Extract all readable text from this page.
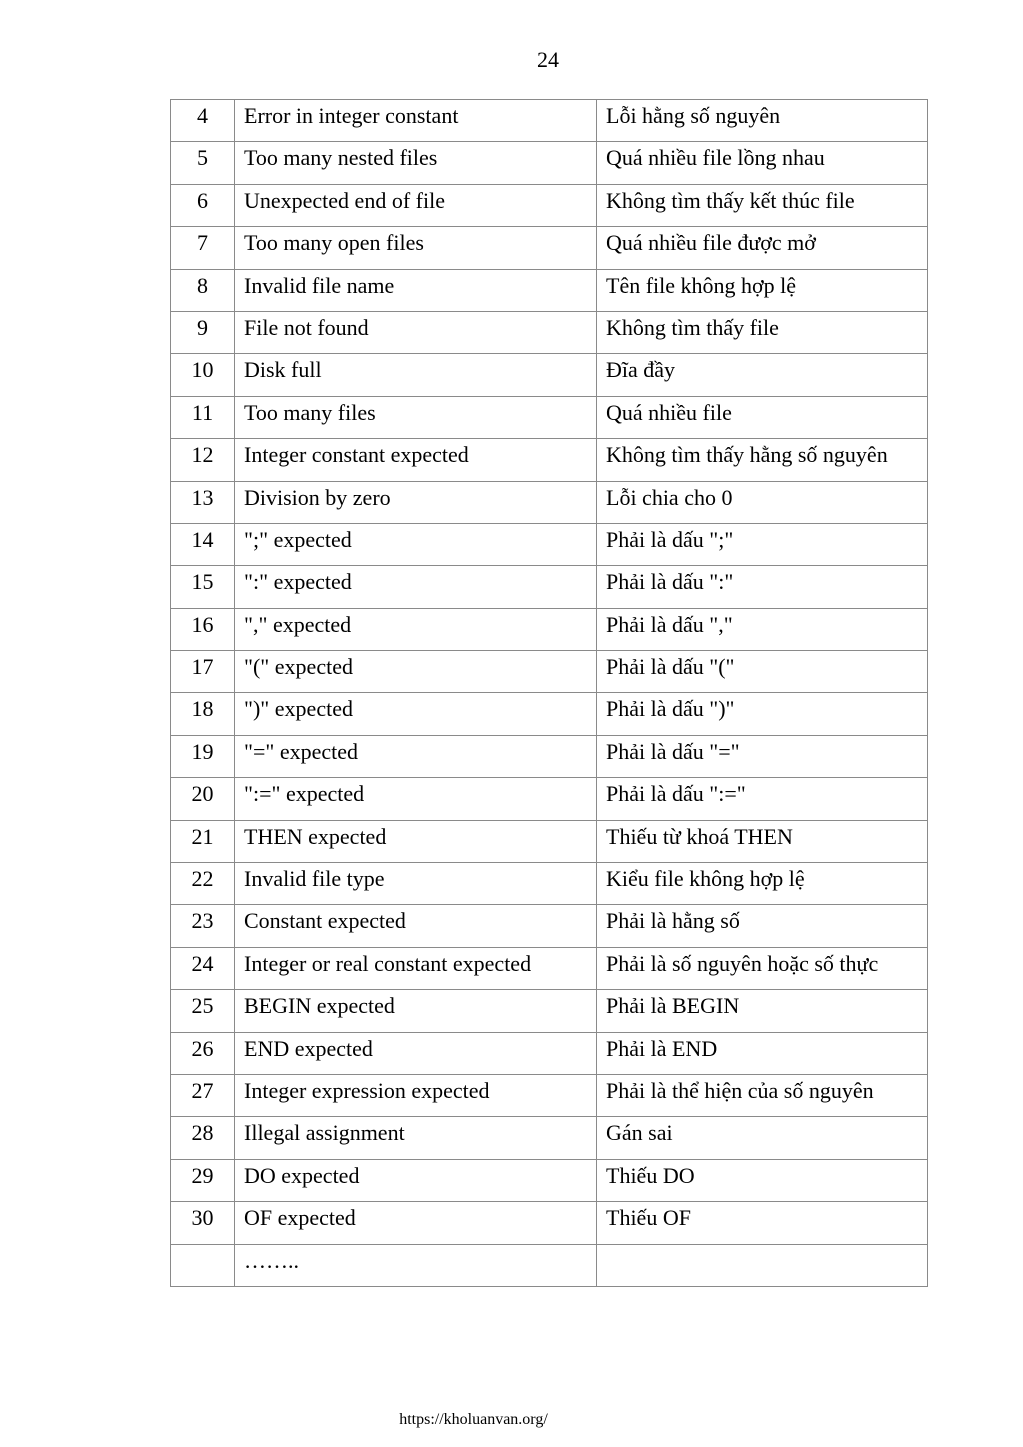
24
4	Error in integer constant	Lỗi hằng số nguyên
5	Too many nested files	Quá nhiều file lồng nhau
6	Unexpected end of file	Không tìm thấy kết thúc file
7	Too many open files	Quá nhiều file được mở
8	Invalid file name	Tên file không hợp lệ
9	File not found	Không tìm thấy file
10	Disk full	Đĩa đầy
11	Too many files	Quá nhiều file
12	Integer constant expected	Không tìm thấy hằng số nguyên
13	Division by zero	Lỗi chia cho 0
14	";" expected	Phải là dấu ";"
15	":" expected	Phải là dấu ":"
16	"," expected	Phải là dấu ","
17	"(" expected	Phải là dấu "("
18	")" expected	Phải là dấu ")"
19	"=" expected	Phải là dấu "="
20	":=" expected	Phải là dấu ":="
21	THEN expected	Thiếu từ khoá THEN
22	Invalid file type	Kiểu file không hợp lệ
23	Constant expected	Phải là hằng số
24	Integer or real constant expected	Phải là số nguyên hoặc số thực
25	BEGIN expected	Phải là BEGIN
26	END expected	Phải là END
27	Integer expression expected	Phải là thể hiện của số nguyên
28	Illegal assignment	Gán sai
29	DO expected	Thiếu DO
30	OF expected	Thiếu OF
	……..	
https://kholuanvan.org/
